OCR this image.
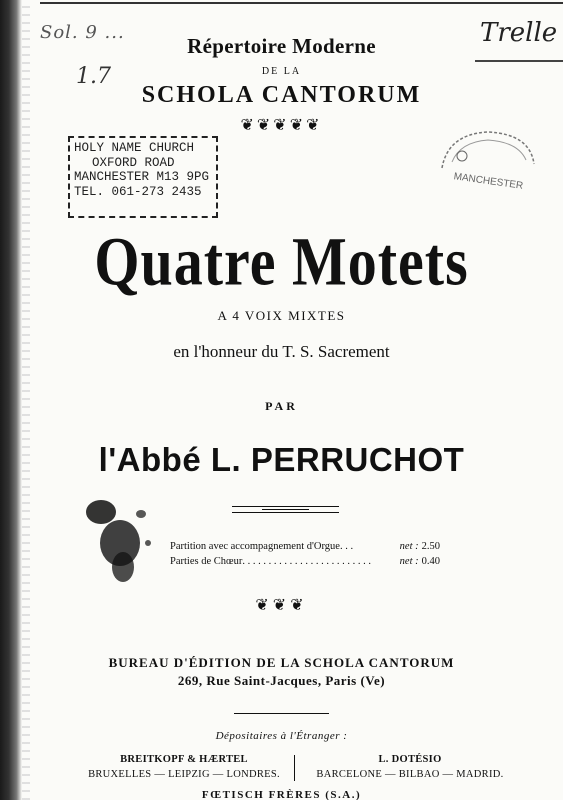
Sol. 9 ...
1.7
Trelle
Répertoire Moderne
DE LA
SCHOLA CANTORUM
❦❦❦❦❦
HOLY NAME CHURCH
OXFORD ROAD
MANCHESTER M13 9PG
TEL. 061-273 2435	MANCHESTER
Quatre Motets
A 4 VOIX MIXTES
en l'honneur du T. S. Sacrement
PAR
l'Abbé L. PERRUCHOT
Partition avec accompagnement d'Orgue . . .	net : 2.50
Parties de Chœur . . . . . . . . . . . . . . . . . . . . . . . . .	net : 0.40
❦❦❦
BUREAU D'ÉDITION DE LA SCHOLA CANTORUM
269, Rue Saint-Jacques, Paris (Ve)
Dépositaires à l'Étranger :
BREITKOPF & HÆRTEL
BRUXELLES — LEIPZIG — LONDRES.
L. DOTÉSIO
BARCELONE — BILBAO — MADRID.
FŒTISCH FRÈRES (S.A.)
